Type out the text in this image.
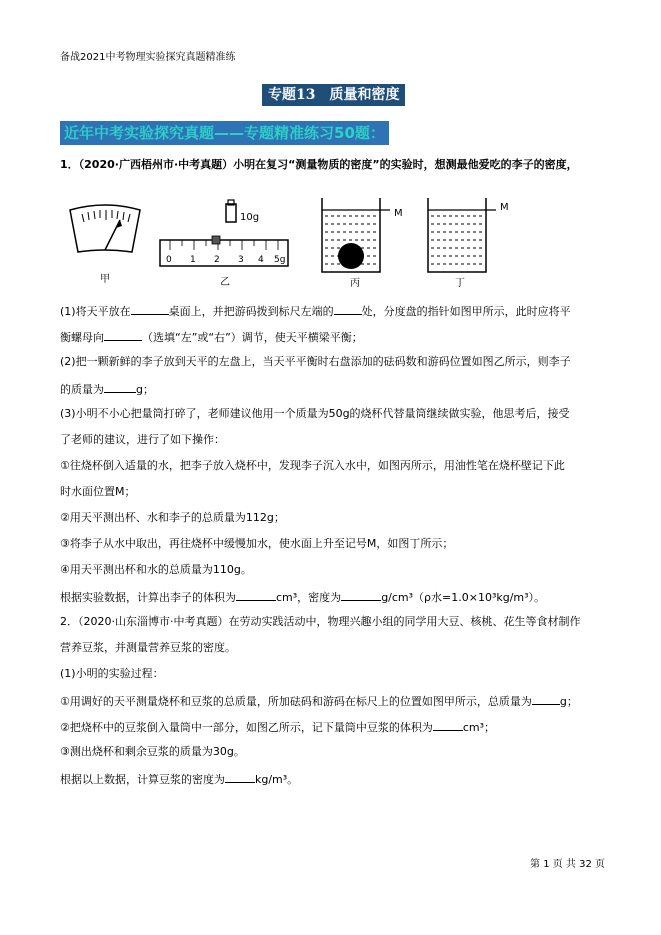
备战2021中考物理实验探究真题精准练
专题13　质量和密度
近年中考实验探究真题——专题精准练习50题：
1．（2020·广西梧州市·中考真题）小明在复习“测量物质的密度”的实验时，想测最他爱吃的李子的密度，
甲
10g
0 1 2 3 4 5g
乙
M
丙
M
丁
(1)将天平放在	桌面上，并把游码拨到标尺左端的	处，分度盘的指针如图甲所示，此时应将平
衡螺母向	（选填“左”或“右”）调节，使天平横梁平衡；
(2)把一颗新鲜的李子放到天平的左盘上，当天平平衡时右盘添加的砝码数和游码位置如图乙所示，则李子
的质量为	g；
(3)小明不小心把量筒打碎了，老师建议他用一个质量为50g的烧杯代替量筒继续做实验，他思考后，接受
了老师的建议，进行了如下操作：
①往烧杯倒入适量的水，把李子放入烧杯中，发现李子沉入水中，如图丙所示，用油性笔在烧杯壁记下此
时水面位置M；
②用天平测出杯、水和李子的总质量为112g；
③将李子从水中取出，再往烧杯中缓慢加水，使水面上升至记号M，如图丁所示；
④用天平测出杯和水的总质量为110g。
根据实验数据，计算出李子的体积为	cm³，密度为	g/cm³（ρ水=1.0×10³kg/m³）。
2．（2020·山东淄博市·中考真题）在劳动实践活动中，物理兴趣小组的同学用大豆、核桃、花生等食材制作
营养豆浆，并测量营养豆浆的密度。
(1)小明的实验过程：
①用调好的天平测量烧杯和豆浆的总质量，所加砝码和游码在标尺上的位置如图甲所示，总质量为	g；
②把烧杯中的豆浆倒入量筒中一部分，如图乙所示，记下量筒中豆浆的体积为	cm³；
③测出烧杯和剩余豆浆的质量为30g。
根据以上数据，计算豆浆的密度为	kg/m³。
第 1 页 共 32 页
